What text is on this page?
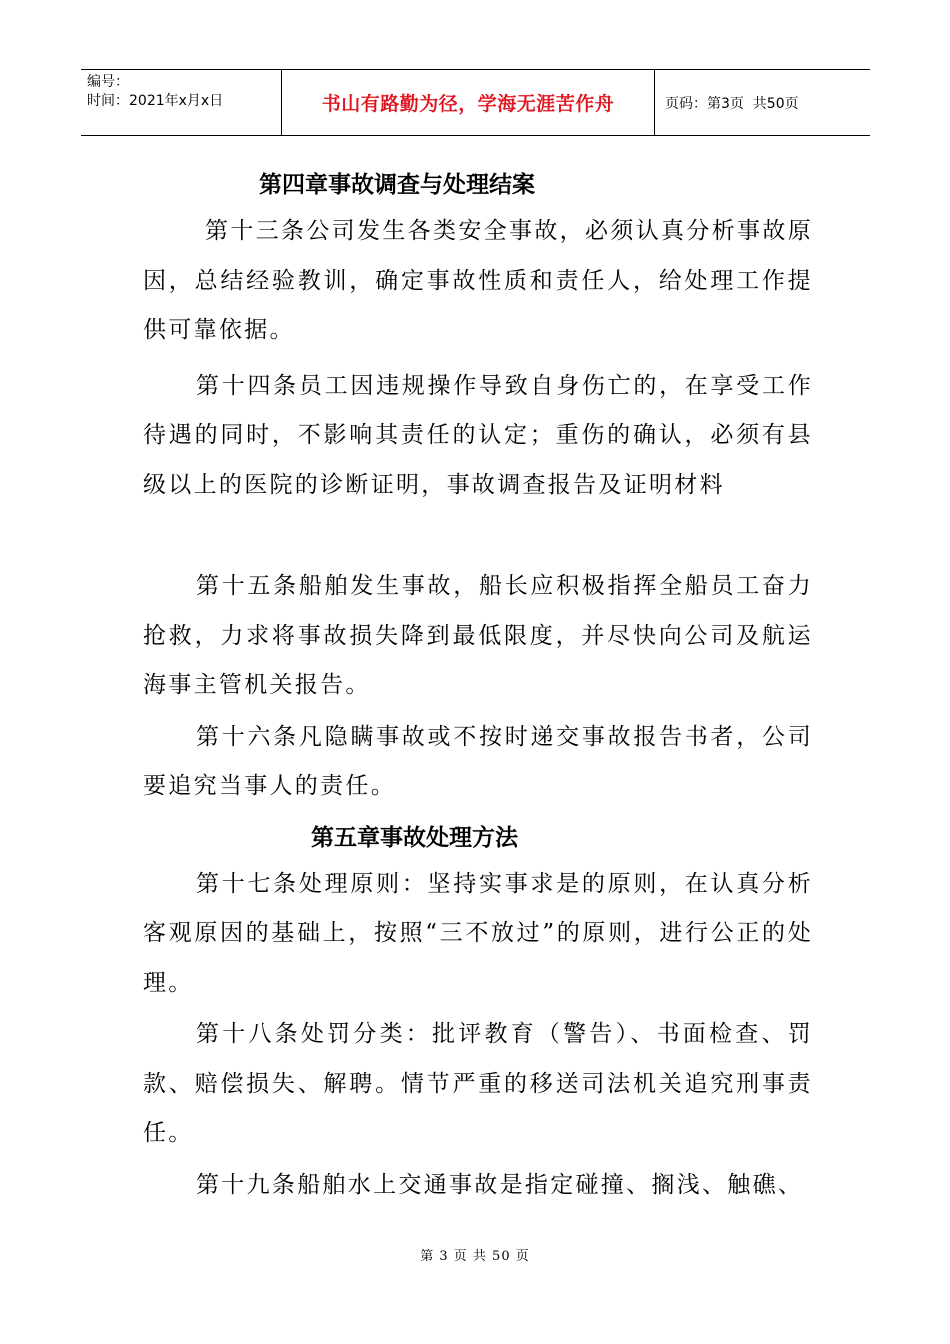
编号：
时间：2021年x月x日	书山有路勤为径，学海无涯苦作舟	页码：第3页  共50页
第四章事故调查与处理结案

第十三条公司发生各类安全事故，必须认真分析事故原因，总结经验教训，确定事故性质和责任人，给处理工作提供可靠依据。

第十四条员工因违规操作导致自身伤亡的，在享受工作待遇的同时，不影响其责任的认定；重伤的确认，必须有县级以上的医院的诊断证明，事故调查报告及证明材料

第十五条船舶发生事故，船长应积极指挥全船员工奋力抢救，力求将事故损失降到最低限度，并尽快向公司及航运海事主管机关报告。

第十六条凡隐瞒事故或不按时递交事故报告书者，公司要追究当事人的责任。

第五章事故处理方法

第十七条处理原则：坚持实事求是的原则，在认真分析客观原因的基础上，按照“三不放过”的原则，进行公正的处理。

第十八条处罚分类：批评教育（警告）、书面检查、罚款、赔偿损失、解聘。情节严重的移送司法机关追究刑事责任。

第十九条船舶水上交通事故是指定碰撞、搁浅、触礁、

第 3 页 共 50 页
